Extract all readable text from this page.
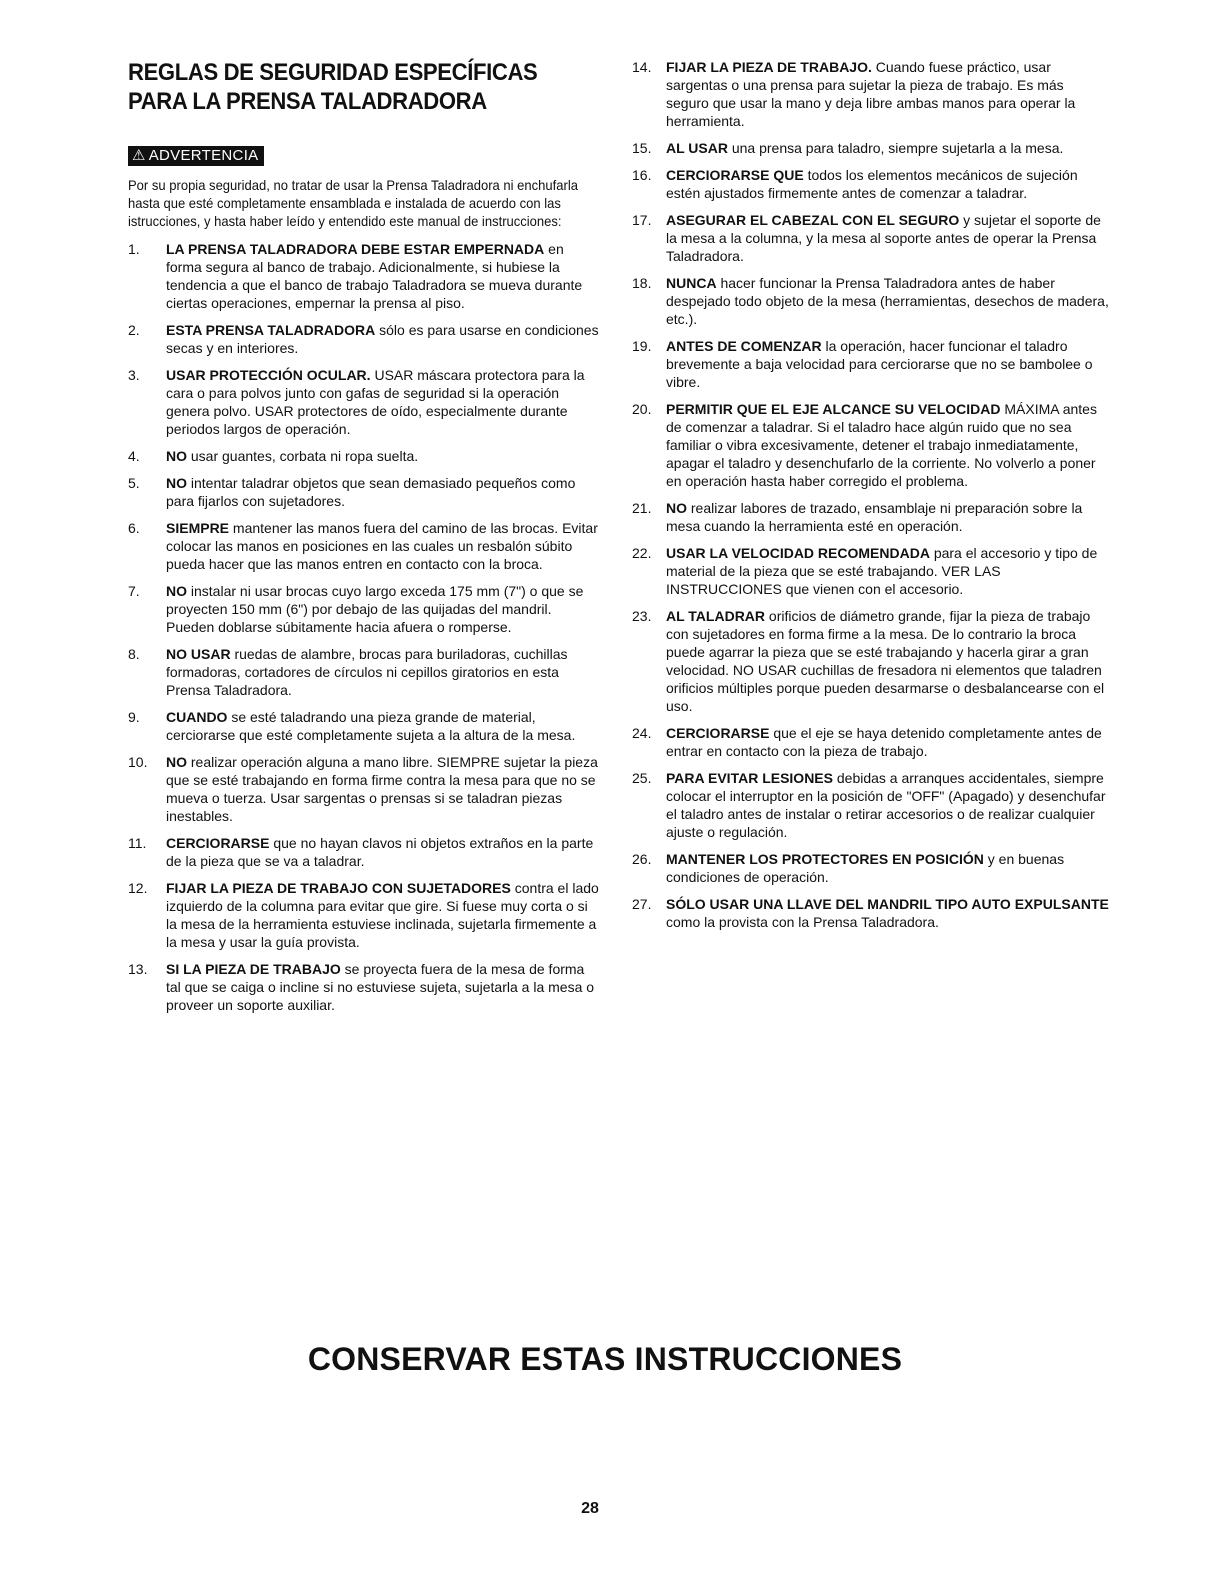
REGLAS DE SEGURIDAD ESPECÍFICAS
PARA LA PRENSA TALADRADORA
⚠ ADVERTENCIA

Por su propia seguridad, no tratar de usar la Prensa Taladradora ni enchufarla hasta que esté completamente ensamblada e instalada de acuerdo con las istrucciones, y hasta haber leído y entendido este manual de instrucciones:

1.	LA PRENSA TALADRADORA DEBE ESTAR EMPERNADA en forma segura al banco de trabajo. Adicionalmente, si hubiese la tendencia a que el banco de trabajo Taladradora se mueva durante ciertas operaciones, empernar la prensa al piso.
2.	ESTA PRENSA TALADRADORA sólo es para usarse en condiciones secas y en interiores.
3.	USAR PROTECCIÓN OCULAR. USAR máscara protectora para la cara o para polvos junto con gafas de seguridad si la operación genera polvo. USAR protectores de oído, especialmente durante periodos largos de operación.
4.	NO usar guantes, corbata ni ropa suelta.
5.	NO intentar taladrar objetos que sean demasiado pequeños como para fijarlos con sujetadores.
6.	SIEMPRE mantener las manos fuera del camino de las brocas. Evitar colocar las manos en posiciones en las cuales un resbalón súbito pueda hacer que las manos entren en contacto con la broca.
7.	NO instalar ni usar brocas cuyo largo exceda 175 mm (7") o que se proyecten 150 mm (6") por debajo de las quijadas del mandril. Pueden doblarse súbitamente hacia afuera o romperse.
8.	NO USAR ruedas de alambre, brocas para buriladoras, cuchillas formadoras, cortadores de círculos ni cepillos giratorios en esta Prensa Taladradora.
9.	CUANDO se esté taladrando una pieza grande de material, cerciorarse que esté completamente sujeta a la altura de la mesa.
10.	NO realizar operación alguna a mano libre. SIEMPRE sujetar la pieza que se esté trabajando en forma firme contra la mesa para que no se mueva o tuerza. Usar sargentas o prensas si se taladran piezas inestables.
11.	CERCIORARSE que no hayan clavos ni objetos extraños en la parte de la pieza que se va a taladrar.
12.	FIJAR LA PIEZA DE TRABAJO CON SUJETADORES contra el lado izquierdo de la columna para evitar que gire. Si fuese muy corta o si la mesa de la herramienta estuviese inclinada, sujetarla firmemente a la mesa y usar la guía provista.
13.	SI LA PIEZA DE TRABAJO se proyecta fuera de la mesa de forma tal que se caiga o incline si no estuviese sujeta, sujetarla a la mesa o proveer un soporte auxiliar.
14.	FIJAR LA PIEZA DE TRABAJO. Cuando fuese práctico, usar sargentas o una prensa para sujetar la pieza de trabajo. Es más seguro que usar la mano y deja libre ambas manos para operar la herramienta.
15.	AL USAR una prensa para taladro, siempre sujetarla a la mesa.
16.	CERCIORARSE QUE todos los elementos mecánicos de sujeción estén ajustados firmemente antes de comenzar a taladrar.
17.	ASEGURAR EL CABEZAL CON EL SEGURO y sujetar el soporte de la mesa a la columna, y la mesa al soporte antes de operar la Prensa Taladradora.
18.	NUNCA hacer funcionar la Prensa Taladradora antes de haber despejado todo objeto de la mesa (herramientas, desechos de madera, etc.).
19.	ANTES DE COMENZAR la operación, hacer funcionar el taladro brevemente a baja velocidad para cerciorarse que no se bambolee o vibre.
20.	PERMITIR QUE EL EJE ALCANCE SU VELOCIDAD MÁXIMA antes de comenzar a taladrar. Si el taladro hace algún ruido que no sea familiar o vibra excesivamente, detener el trabajo inmediatamente, apagar el taladro y desenchufarlo de la corriente. No volverlo a poner en operación hasta haber corregido el problema.
21.	NO realizar labores de trazado, ensamblaje ni preparación sobre la mesa cuando la herramienta esté en operación.
22.	USAR LA VELOCIDAD RECOMENDADA para el accesorio y tipo de material de la pieza que se esté trabajando. VER LAS INSTRUCCIONES que vienen con el accesorio.
23.	AL TALADRAR orificios de diámetro grande, fijar la pieza de trabajo con sujetadores en forma firme a la mesa. De lo contrario la broca puede agarrar la pieza que se esté trabajando y hacerla girar a gran velocidad. NO USAR cuchillas de fresadora ni elementos que taladren orificios múltiples porque pueden desarmarse o desbalancearse con el uso.
24.	CERCIORARSE que el eje se haya detenido completamente antes de entrar en contacto con la pieza de trabajo.
25.	PARA EVITAR LESIONES debidas a arranques accidentales, siempre colocar el interruptor en la posición de "OFF" (Apagado) y desenchufar el taladro antes de instalar o retirar accesorios o de realizar cualquier ajuste o regulación.
26.	MANTENER LOS PROTECTORES EN POSICIÓN y en buenas condiciones de operación.
27.	SÓLO USAR UNA LLAVE DEL MANDRIL TIPO AUTO EXPULSANTE como la provista con la Prensa Taladradora.
CONSERVAR ESTAS INSTRUCCIONES
28
